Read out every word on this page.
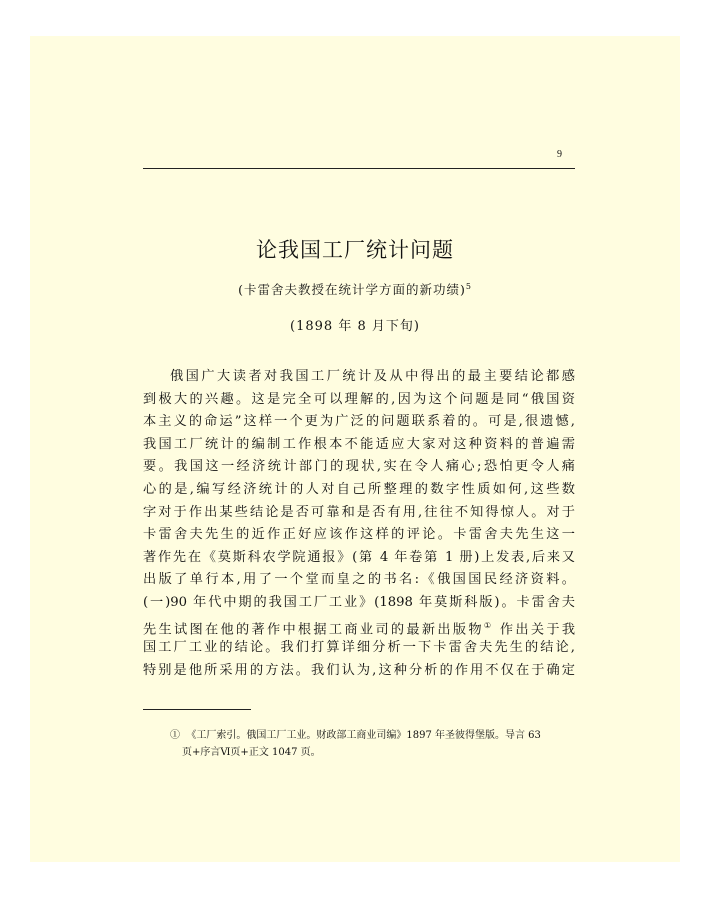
9
论我国工厂统计问题
(卡雷舍夫教授在统计学方面的新功绩)$^5$
(1898 年 8 月下旬)
俄国广大读者对我国工厂统计及从中得出的最主要结论都感
到极大的兴趣。这是完全可以理解的,因为这个问题是同“俄国资
本主义的命运”这样一个更为广泛的问题联系着的。可是,很遗憾,
我国工厂统计的编制工作根本不能适应大家对这种资料的普遍需
要。我国这一经济统计部门的现状,实在令人痛心;恐怕更令人痛
心的是,编写经济统计的人对自己所整理的数字性质如何,这些数
字对于作出某些结论是否可靠和是否有用,往往不知得惊人。对于
卡雷舍夫先生的近作正好应该作这样的评论。卡雷舍夫先生这一
著作先在《莫斯科农学院通报》(第 4 年卷第 1 册)上发表,后来又
出版了单行本,用了一个堂而皇之的书名:《俄国国民经济资料。
(一)90 年代中期的我国工厂工业》(1898 年莫斯科版)。卡雷舍夫
先生试图在他的著作中根据工商业司的最新出版物① 作出关于我
国工厂工业的结论。我们打算详细分析一下卡雷舍夫先生的结论,
特别是他所采用的方法。我们认为,这种分析的作用不仅在于确定
① 《工厂索引。俄国工厂工业。财政部工商业司编》1897 年圣彼得堡版。导言 63
页+序言Ⅵ页+正文 1047 页。
